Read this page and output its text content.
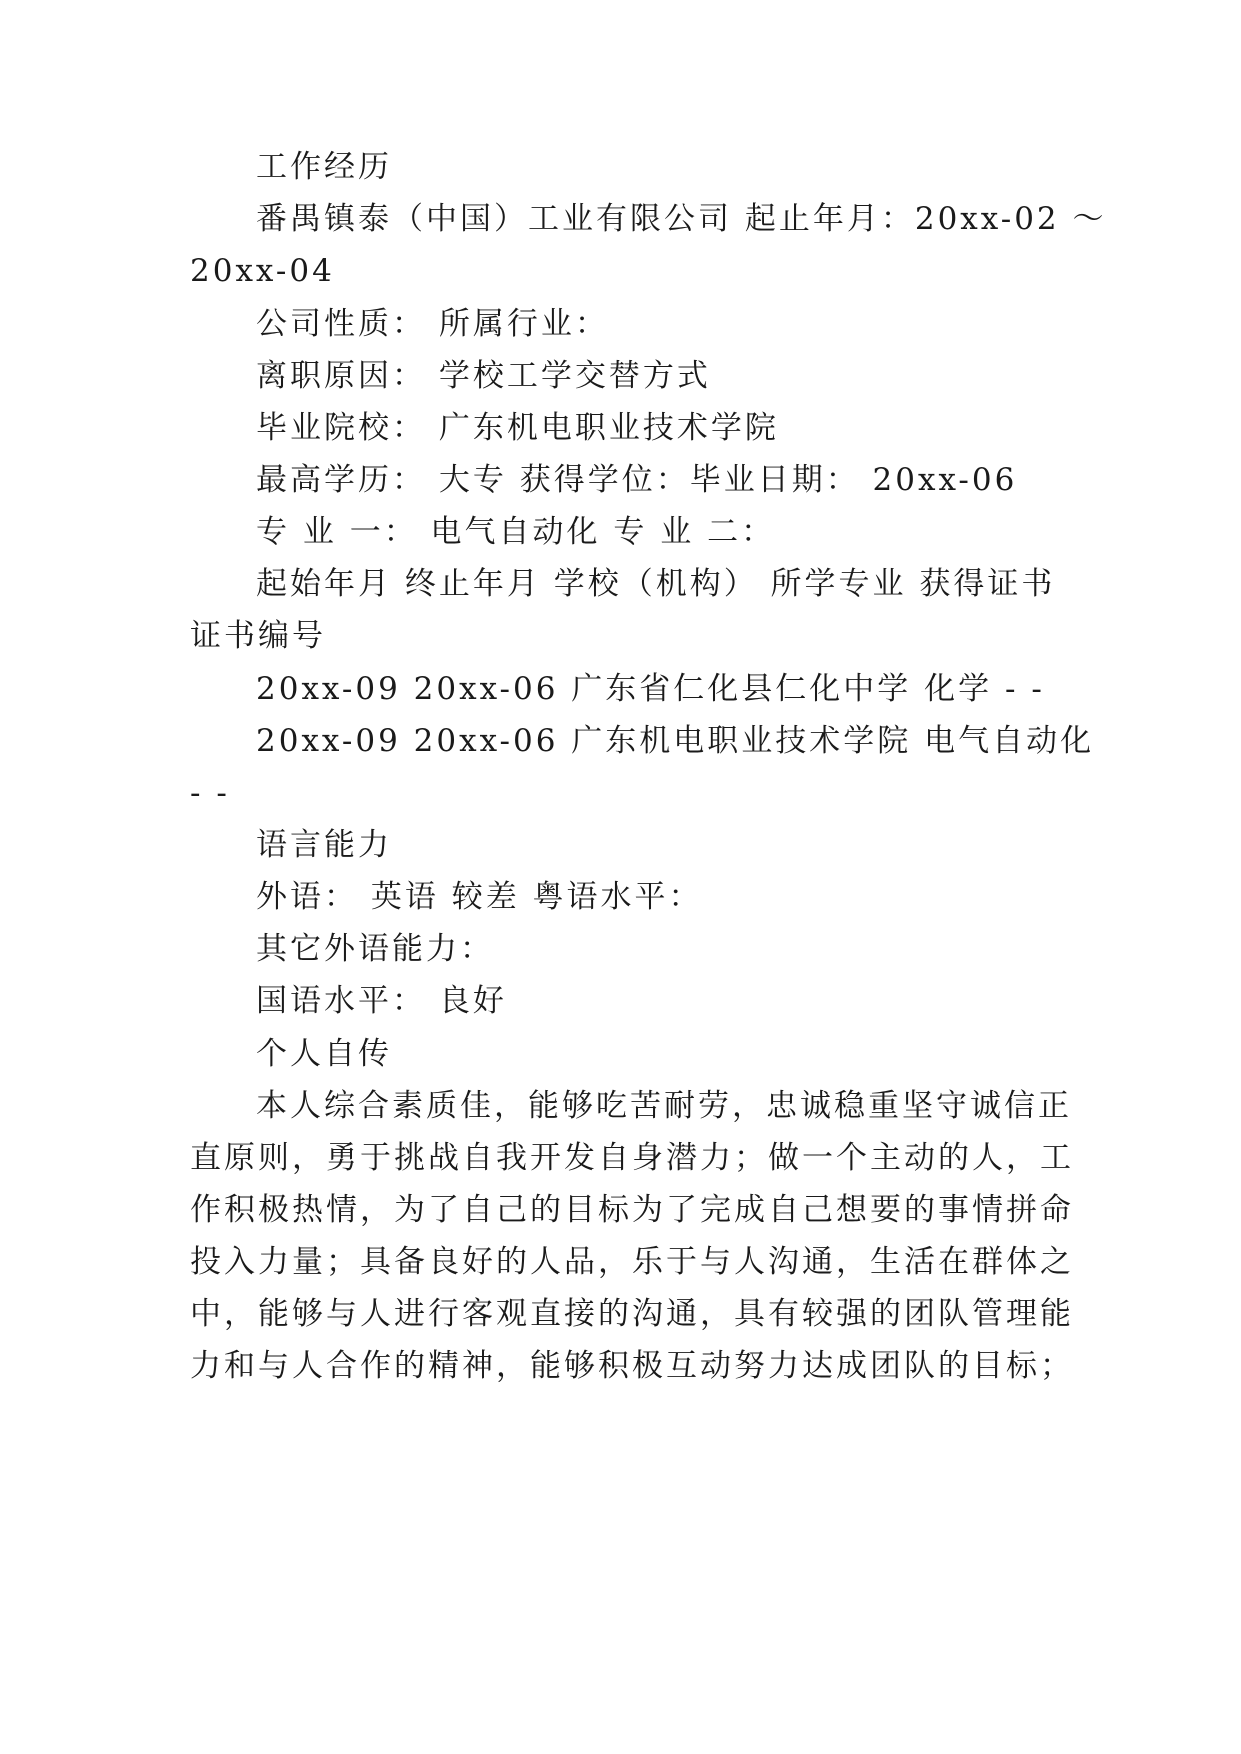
工作经历
番禺镇泰（中国）工业有限公司 起止年月：20xx-02 ～
20xx-04
公司性质： 所属行业：
离职原因： 学校工学交替方式
毕业院校： 广东机电职业技术学院
最高学历： 大专 获得学位：毕业日期： 20xx-06
专 业 一： 电气自动化 专 业 二：
起始年月 终止年月 学校（机构） 所学专业 获得证书
证书编号
20xx-09 20xx-06 广东省仁化县仁化中学 化学 - -
20xx-09 20xx-06 广东机电职业技术学院 电气自动化
- -
语言能力
外语： 英语 较差 粤语水平：
其它外语能力：
国语水平： 良好
个人自传
本人综合素质佳，能够吃苦耐劳，忠诚稳重坚守诚信正
直原则，勇于挑战自我开发自身潜力；做一个主动的人，工
作积极热情，为了自己的目标为了完成自己想要的事情拼命
投入力量；具备良好的人品，乐于与人沟通，生活在群体之
中，能够与人进行客观直接的沟通，具有较强的团队管理能
力和与人合作的精神，能够积极互动努力达成团队的目标；
